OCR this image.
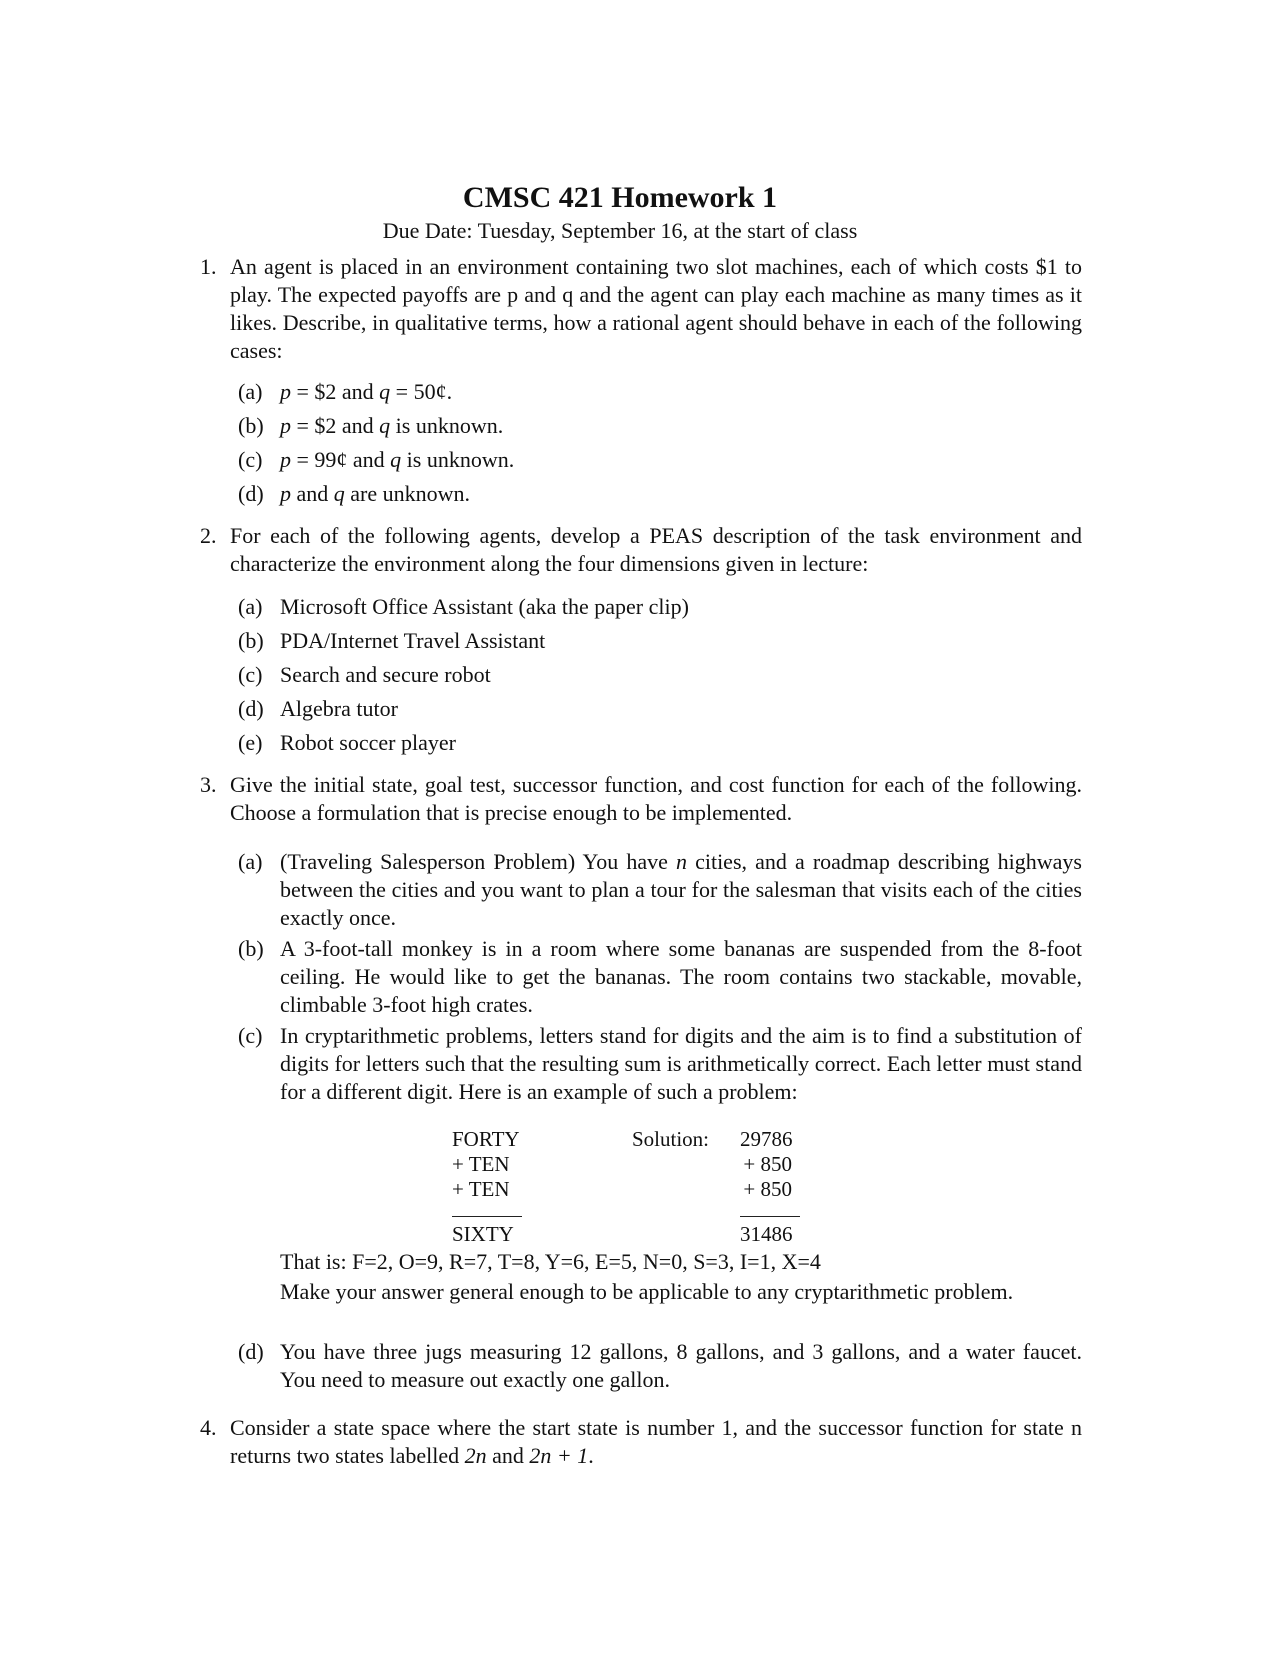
CMSC 421 Homework 1
Due Date: Tuesday, September 16, at the start of class
1. An agent is placed in an environment containing two slot machines, each of which costs $1 to play. The expected payoffs are p and q and the agent can play each machine as many times as it likes. Describe, in qualitative terms, how a rational agent should behave in each of the following cases:
(a) p = $2 and q = 50¢.
(b) p = $2 and q is unknown.
(c) p = 99¢ and q is unknown.
(d) p and q are unknown.
2. For each of the following agents, develop a PEAS description of the task environment and characterize the environment along the four dimensions given in lecture:
(a) Microsoft Office Assistant (aka the paper clip)
(b) PDA/Internet Travel Assistant
(c) Search and secure robot
(d) Algebra tutor
(e) Robot soccer player
3. Give the initial state, goal test, successor function, and cost function for each of the following. Choose a formulation that is precise enough to be implemented.
(a) (Traveling Salesperson Problem) You have n cities, and a roadmap describing highways between the cities and you want to plan a tour for the salesman that visits each of the cities exactly once.
(b) A 3-foot-tall monkey is in a room where some bananas are suspended from the 8-foot ceiling. He would like to get the bananas. The room contains two stackable, movable, climbable 3-foot high crates.
(c) In cryptarithmetic problems, letters stand for digits and the aim is to find a substitution of digits for letters such that the resulting sum is arithmetically correct. Each letter must stand for a different digit. Here is an example of such a problem:
FORTY
+ TEN
+ TEN
SIXTY
Solution: 29786
+ 850
+ 850
31486
That is: F=2, O=9, R=7, T=8, Y=6, E=5, N=0, S=3, I=1, X=4
Make your answer general enough to be applicable to any cryptarithmetic problem.
(d) You have three jugs measuring 12 gallons, 8 gallons, and 3 gallons, and a water faucet. You need to measure out exactly one gallon.
4. Consider a state space where the start state is number 1, and the successor function for state n returns two states labelled 2n and 2n + 1.
